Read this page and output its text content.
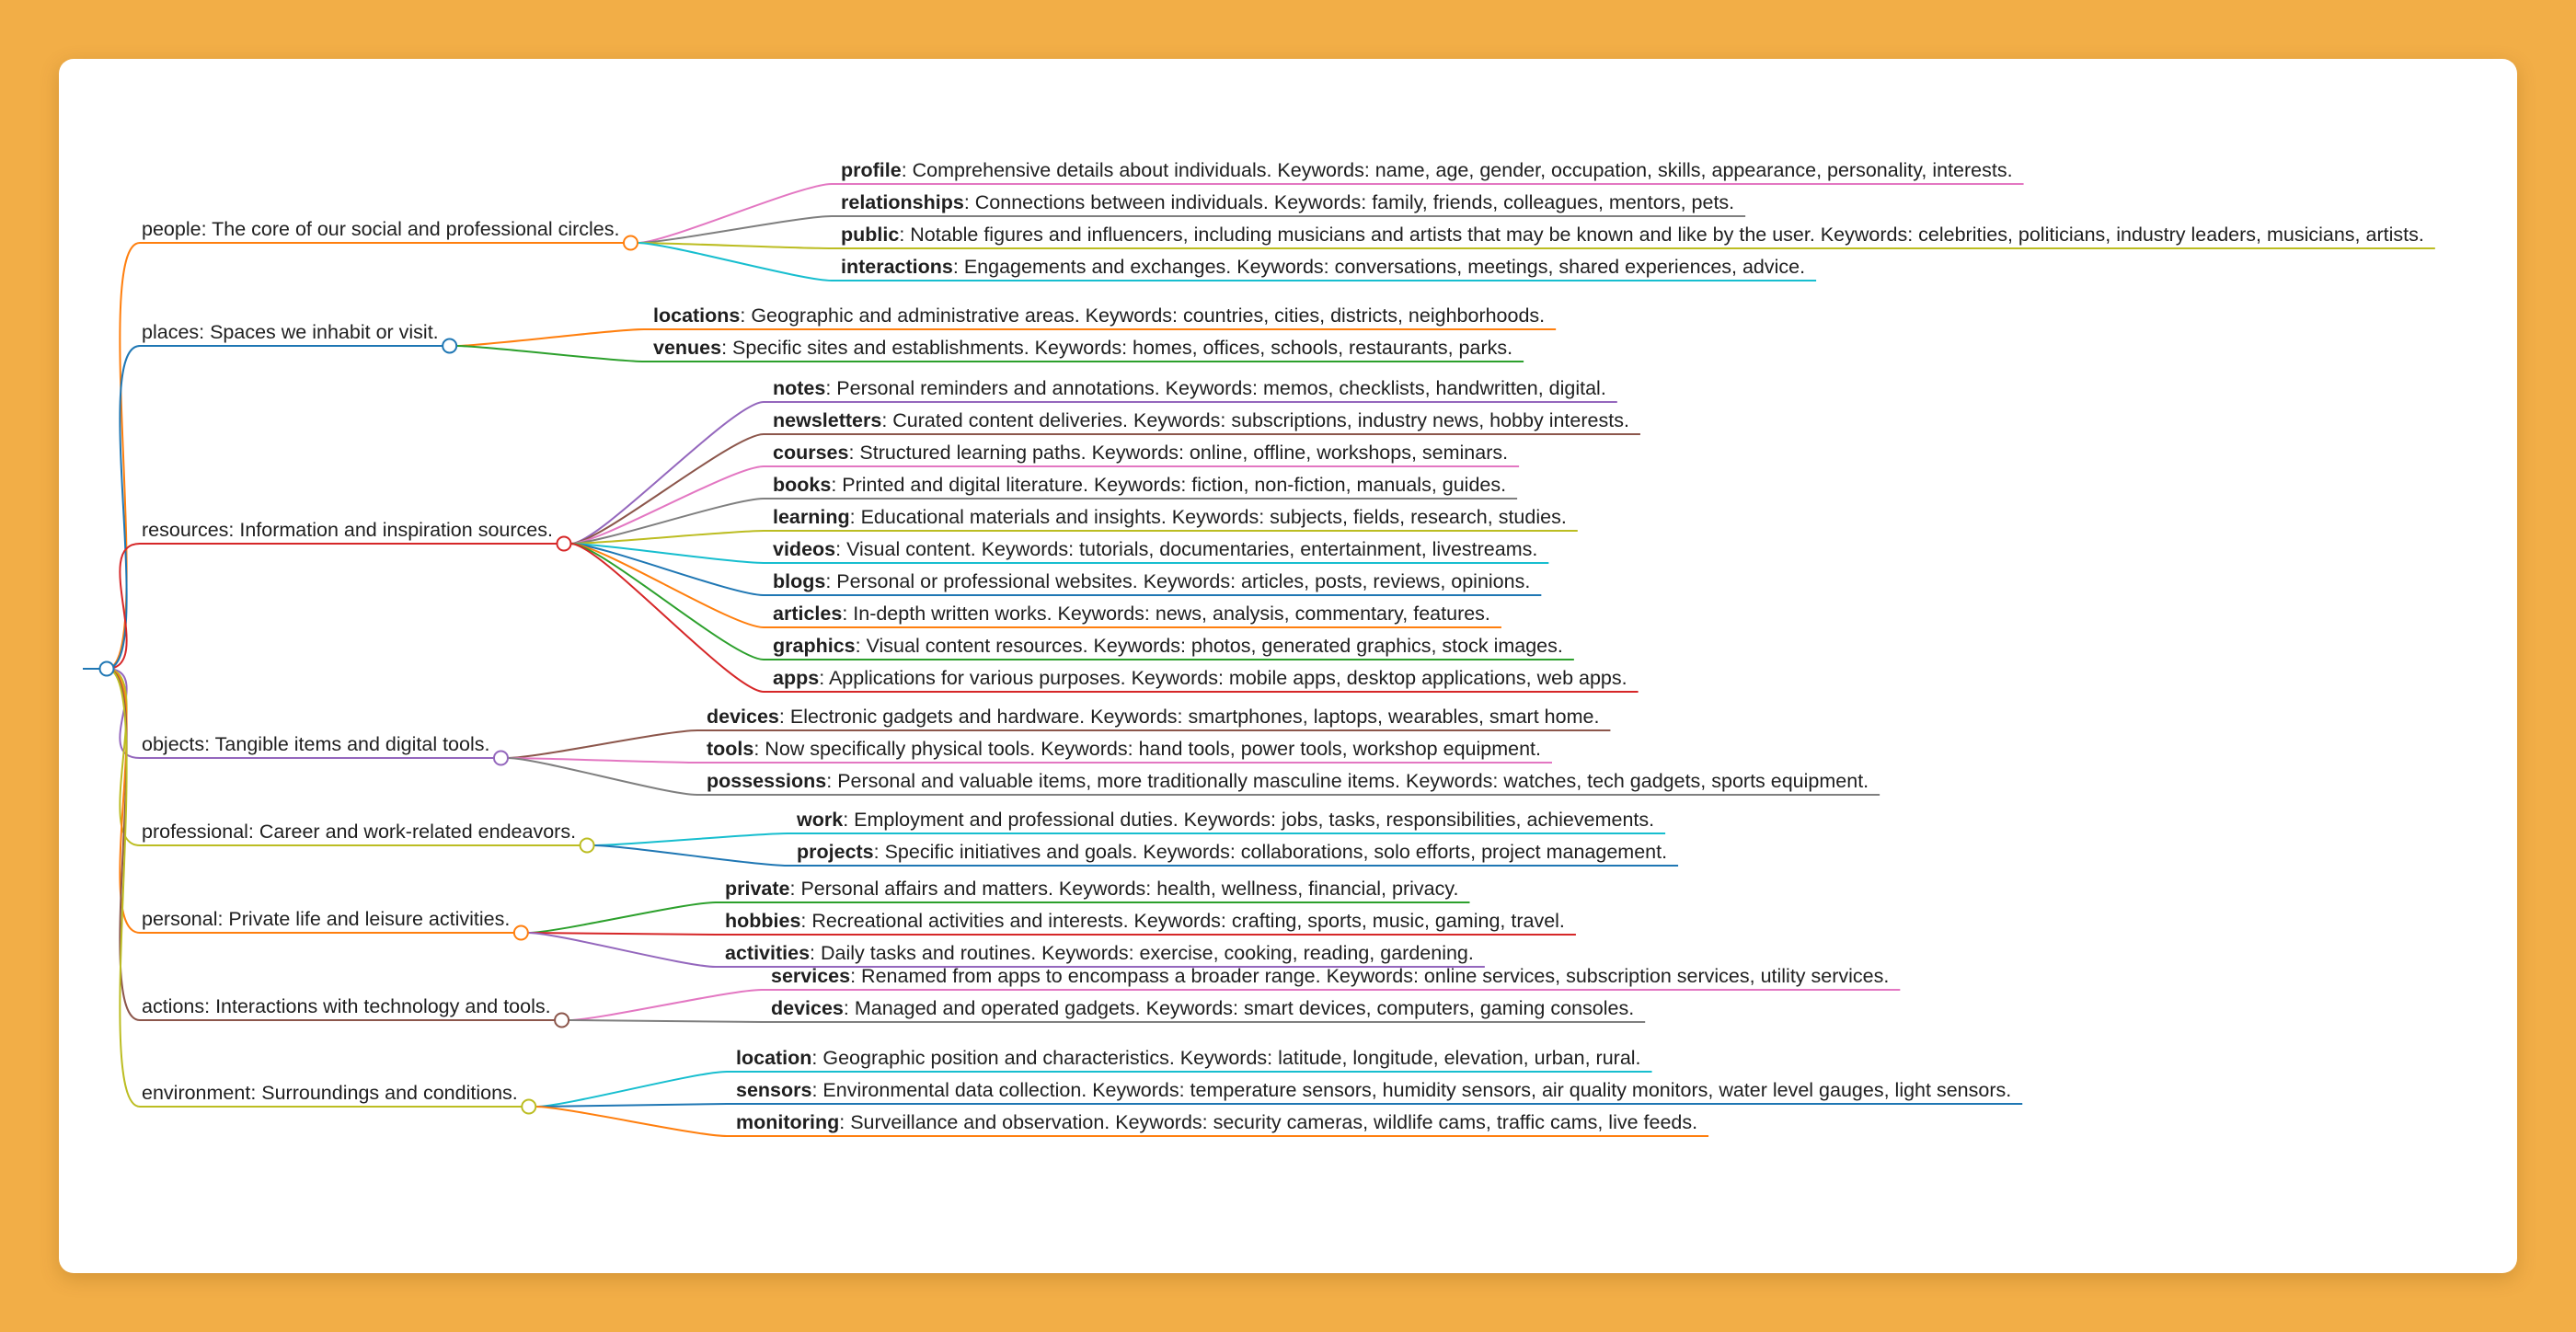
people: The core of our social and professional circles.
profile: Comprehensive details about individuals. Keywords: name, age, gender, occupation, skills, appearance, personality, interests.
relationships: Connections between individuals. Keywords: family, friends, colleagues, mentors, pets.
public: Notable figures and influencers, including musicians and artists that may be known and like by the user. Keywords: celebrities, politicians, industry leaders, musicians, artists.
interactions: Engagements and exchanges. Keywords: conversations, meetings, shared experiences, advice.
places: Spaces we inhabit or visit.
locations: Geographic and administrative areas. Keywords: countries, cities, districts, neighborhoods.
venues: Specific sites and establishments. Keywords: homes, offices, schools, restaurants, parks.
resources: Information and inspiration sources.
notes: Personal reminders and annotations. Keywords: memos, checklists, handwritten, digital.
newsletters: Curated content deliveries. Keywords: subscriptions, industry news, hobby interests.
courses: Structured learning paths. Keywords: online, offline, workshops, seminars.
books: Printed and digital literature. Keywords: fiction, non-fiction, manuals, guides.
learning: Educational materials and insights. Keywords: subjects, fields, research, studies.
videos: Visual content. Keywords: tutorials, documentaries, entertainment, livestreams.
blogs: Personal or professional websites. Keywords: articles, posts, reviews, opinions.
articles: In-depth written works. Keywords: news, analysis, commentary, features.
graphics: Visual content resources. Keywords: photos, generated graphics, stock images.
apps: Applications for various purposes. Keywords: mobile apps, desktop applications, web apps.
objects: Tangible items and digital tools.
devices: Electronic gadgets and hardware. Keywords: smartphones, laptops, wearables, smart home.
tools: Now specifically physical tools. Keywords: hand tools, power tools, workshop equipment.
possessions: Personal and valuable items, more traditionally masculine items. Keywords: watches, tech gadgets, sports equipment.
professional: Career and work-related endeavors.
work: Employment and professional duties. Keywords: jobs, tasks, responsibilities, achievements.
projects: Specific initiatives and goals. Keywords: collaborations, solo efforts, project management.
personal: Private life and leisure activities.
private: Personal affairs and matters. Keywords: health, wellness, financial, privacy.
hobbies: Recreational activities and interests. Keywords: crafting, sports, music, gaming, travel.
activities: Daily tasks and routines. Keywords: exercise, cooking, reading, gardening.
actions: Interactions with technology and tools.
services: Renamed from apps to encompass a broader range. Keywords: online services, subscription services, utility services.
devices: Managed and operated gadgets. Keywords: smart devices, computers, gaming consoles.
environment: Surroundings and conditions.
location: Geographic position and characteristics. Keywords: latitude, longitude, elevation, urban, rural.
sensors: Environmental data collection. Keywords: temperature sensors, humidity sensors, air quality monitors, water level gauges, light sensors.
monitoring: Surveillance and observation. Keywords: security cameras, wildlife cams, traffic cams, live feeds.
